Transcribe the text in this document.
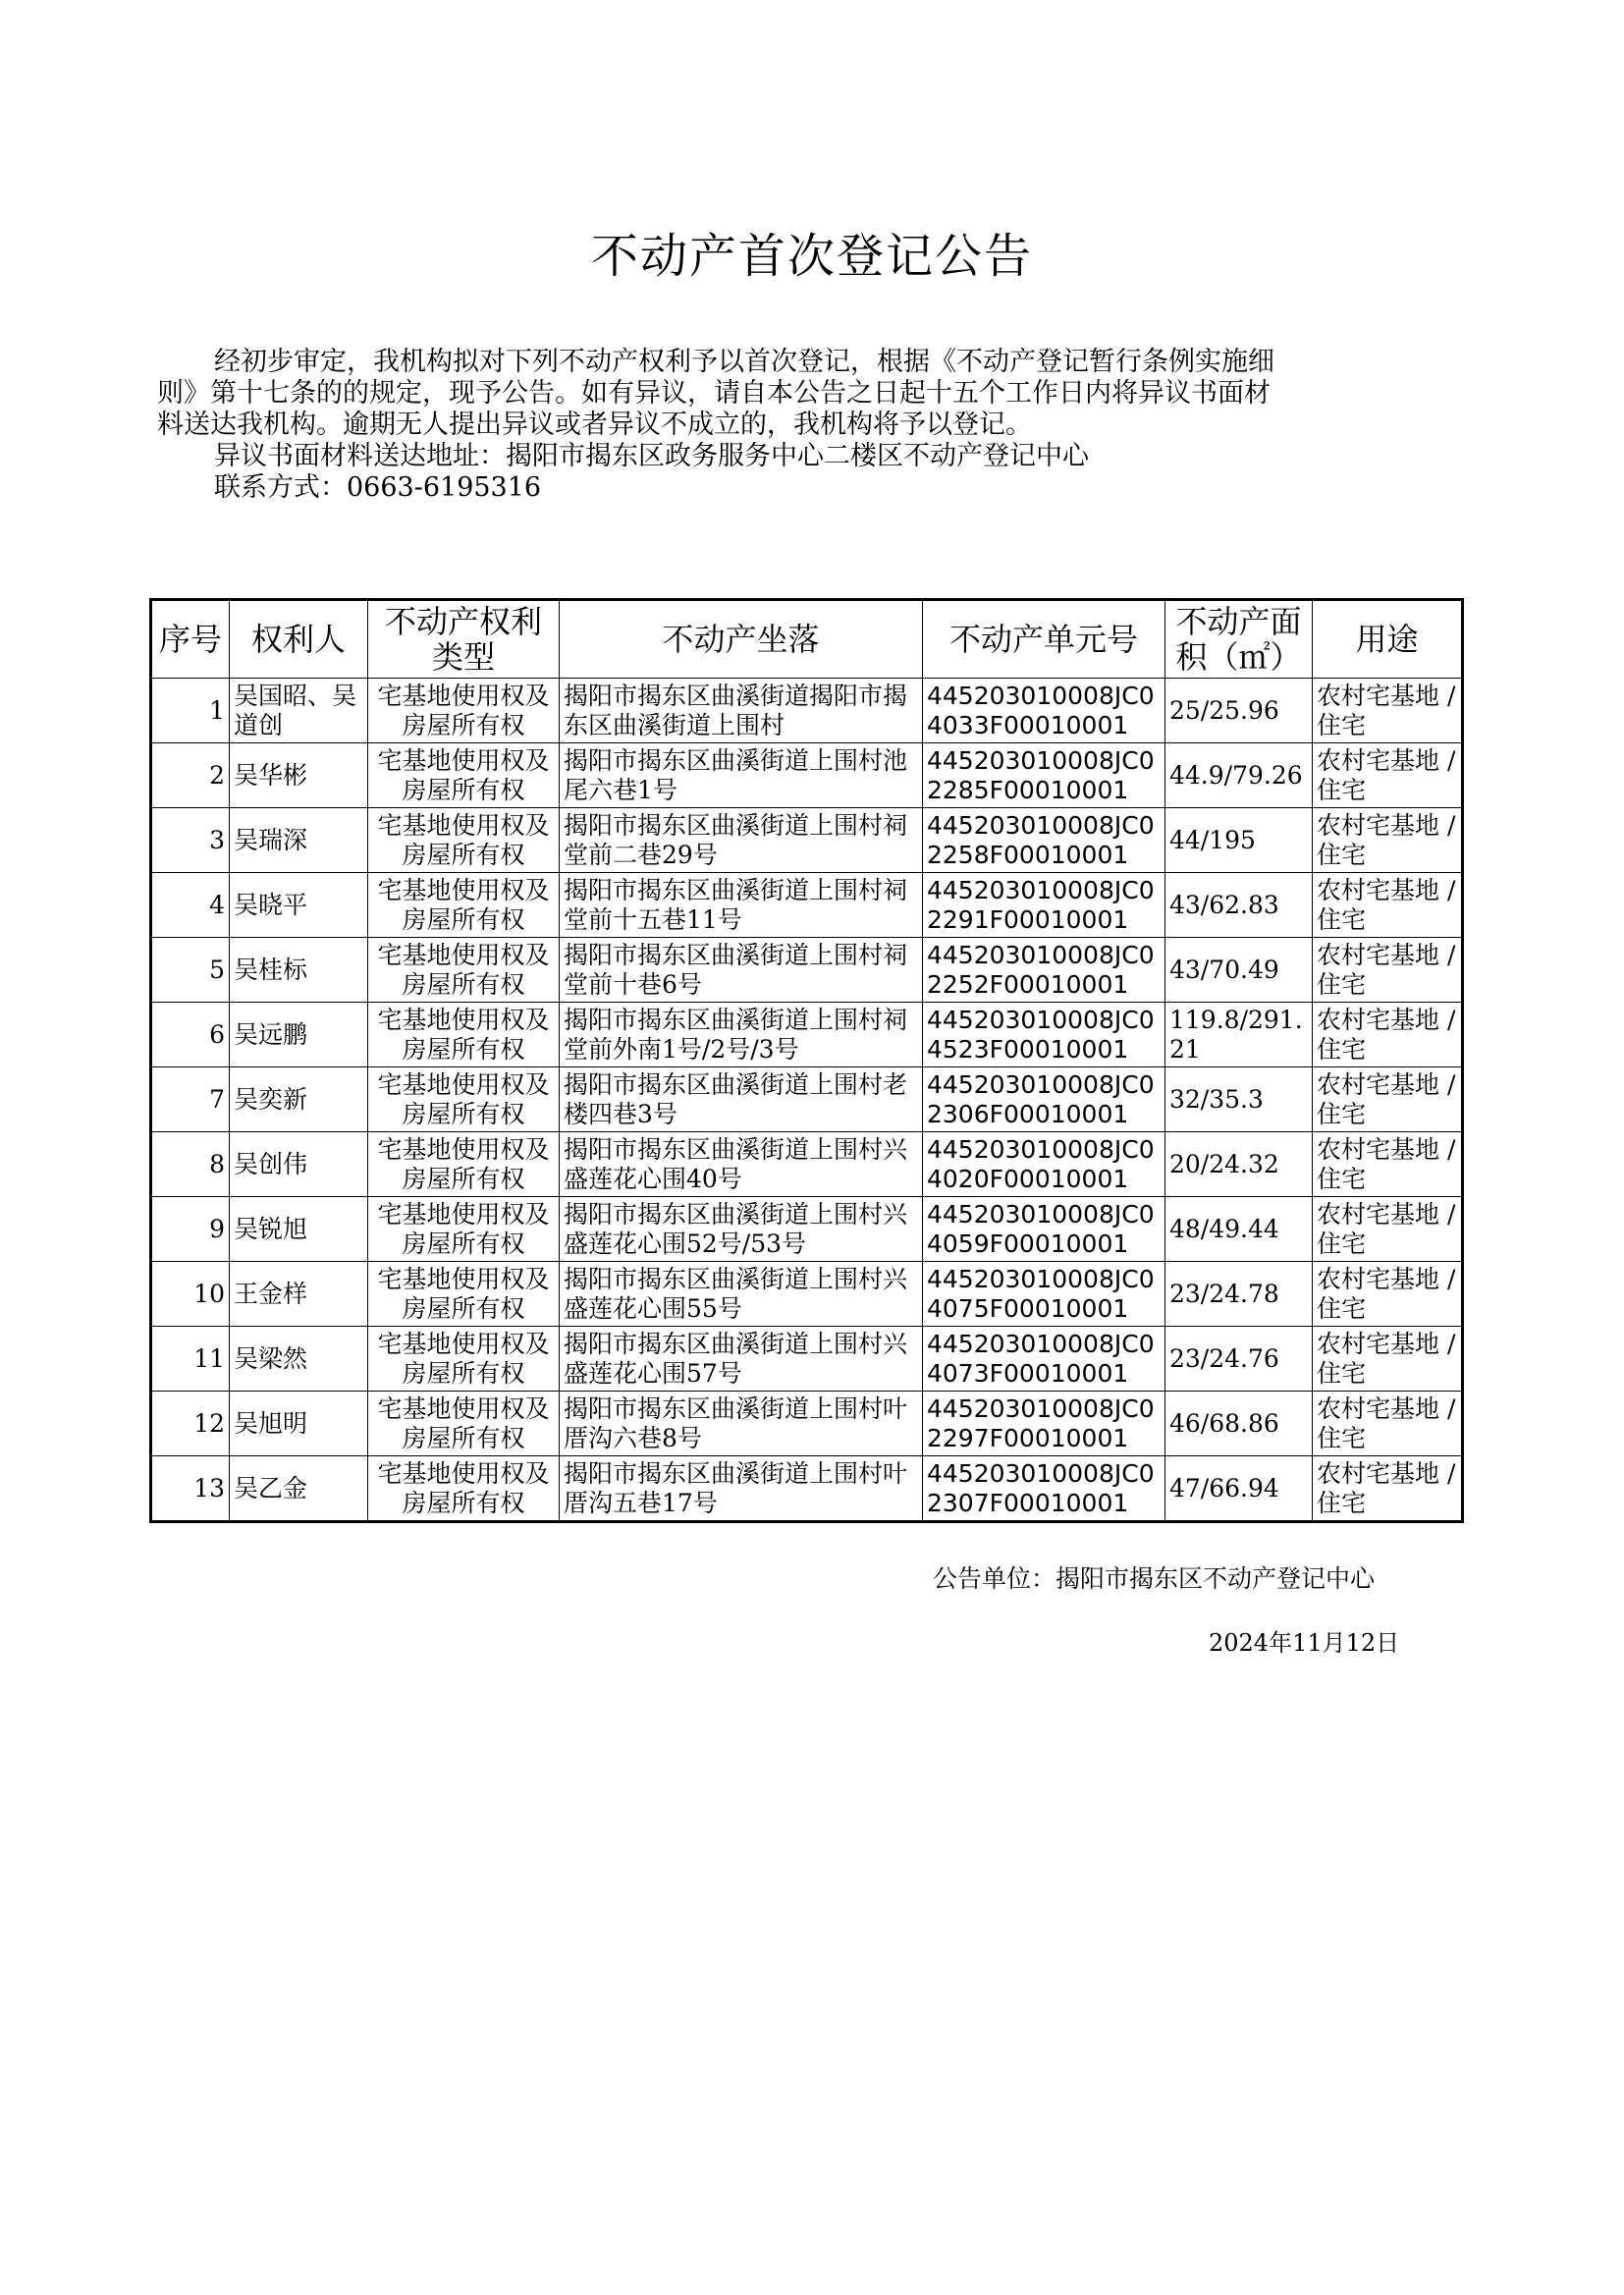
不动产首次登记公告

经初步审定，我机构拟对下列不动产权利予以首次登记，根据《不动产登记暂行条例实施细
则》第十七条的的规定，现予公告。如有异议，请自本公告之日起十五个工作日内将异议书面材
料送达我机构。逾期无人提出异议或者异议不成立的，我机构将予以登记。

异议书面材料送达地址：揭阳市揭东区政务服务中心二楼区不动产登记中心

联系方式：0663-6195316

序号	权利人	不动产权利类型	不动产坐落	不动产单元号	不动产面积（㎡）	用途
1	吴国昭、吴道创	宅基地使用权及房屋所有权	揭阳市揭东区曲溪街道揭阳市揭东区曲溪街道上围村	445203010008JC04033F00010001	25/25.96	农村宅基地 / 住宅
2	吴华彬	宅基地使用权及房屋所有权	揭阳市揭东区曲溪街道上围村池尾六巷1号	445203010008JC02285F00010001	44.9/79.26	农村宅基地 / 住宅
3	吴瑞深	宅基地使用权及房屋所有权	揭阳市揭东区曲溪街道上围村祠堂前二巷29号	445203010008JC02258F00010001	44/195	农村宅基地 / 住宅
4	吴晓平	宅基地使用权及房屋所有权	揭阳市揭东区曲溪街道上围村祠堂前十五巷11号	445203010008JC02291F00010001	43/62.83	农村宅基地 / 住宅
5	吴桂标	宅基地使用权及房屋所有权	揭阳市揭东区曲溪街道上围村祠堂前十巷6号	445203010008JC02252F00010001	43/70.49	农村宅基地 / 住宅
6	吴远鹏	宅基地使用权及房屋所有权	揭阳市揭东区曲溪街道上围村祠堂前外南1号/2号/3号	445203010008JC04523F00010001	119.8/291.21	农村宅基地 / 住宅
7	吴奕新	宅基地使用权及房屋所有权	揭阳市揭东区曲溪街道上围村老楼四巷3号	445203010008JC02306F00010001	32/35.3	农村宅基地 / 住宅
8	吴创伟	宅基地使用权及房屋所有权	揭阳市揭东区曲溪街道上围村兴盛莲花心围40号	445203010008JC04020F00010001	20/24.32	农村宅基地 / 住宅
9	吴锐旭	宅基地使用权及房屋所有权	揭阳市揭东区曲溪街道上围村兴盛莲花心围52号/53号	445203010008JC04059F00010001	48/49.44	农村宅基地 / 住宅
10	王金样	宅基地使用权及房屋所有权	揭阳市揭东区曲溪街道上围村兴盛莲花心围55号	445203010008JC04075F00010001	23/24.78	农村宅基地 / 住宅
11	吴梁然	宅基地使用权及房屋所有权	揭阳市揭东区曲溪街道上围村兴盛莲花心围57号	445203010008JC04073F00010001	23/24.76	农村宅基地 / 住宅
12	吴旭明	宅基地使用权及房屋所有权	揭阳市揭东区曲溪街道上围村叶厝沟六巷8号	445203010008JC02297F00010001	46/68.86	农村宅基地 / 住宅
13	吴乙金	宅基地使用权及房屋所有权	揭阳市揭东区曲溪街道上围村叶厝沟五巷17号	445203010008JC02307F00010001	47/66.94	农村宅基地 / 住宅
公告单位：揭阳市揭东区不动产登记中心
2024年11月12日
